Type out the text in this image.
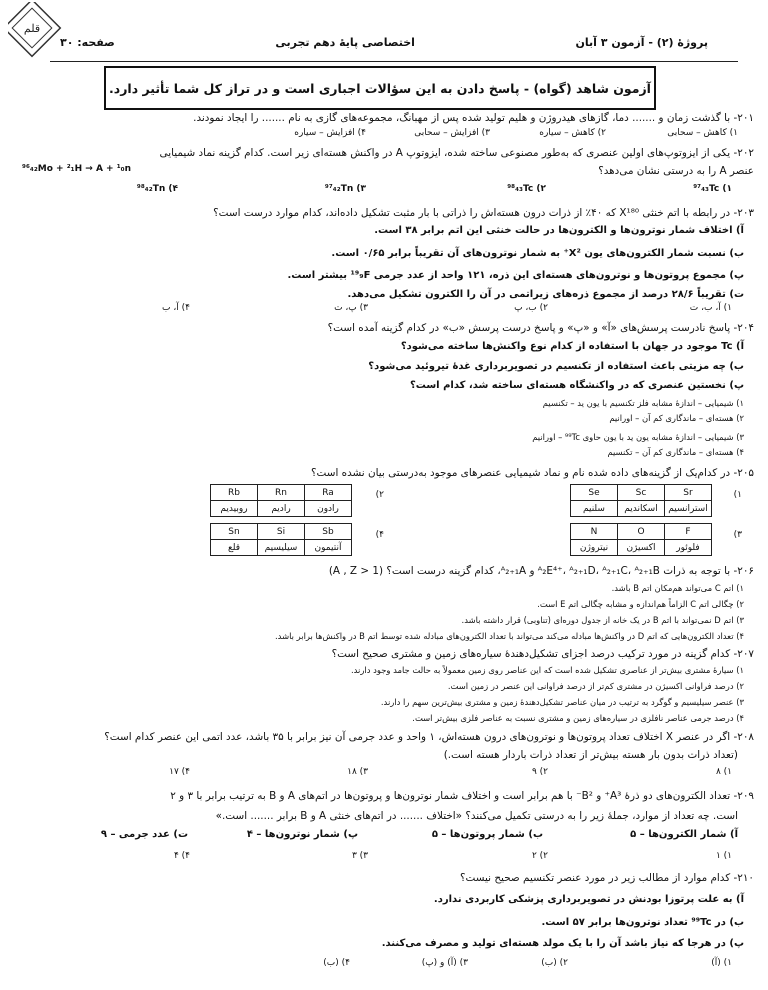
قلم
پروژهٔ (۲) - آزمون ۳ آبان
اختصاصی پایهٔ دهم تجربی
صفحه: ۳۰
آزمون شاهد (گواه) - پاسخ دادن به این سؤالات اجباری است و در تراز کل شما تأثیر دارد.
۲۰۱- با گذشت زمان و ....... دما، گازهای هیدروژن و هلیم تولید شده پس از مهبانگ، مجموعه‌های گازی به نام ....... را ایجاد نمودند.
۱) کاهش – سحابی
۲) کاهش – سیاره
۳) افزایش – سحابی
۴) افزایش – سیاره
۲۰۲- یکی از ایزوتوپ‌های اولین عنصری که به‌طور مصنوعی ساخته شده، ایزوتوپ A در واکنش هسته‌ای زیر است. کدام گزینه نماد شیمیایی
عنصر A را به درستی نشان می‌دهد؟
⁹⁶₄₂Mo + ²₁H → A + ¹₀n
۱) ⁹⁷₄₃Tc
۲) ⁹⁸₄₃Tc
۳) ⁹⁷₄₂Tn
۴) ⁹⁸₄₂Tn
۲۰۳- در رابطه با اتم خنثی X¹⁸⁰ که ۴۰٪ از ذرات درون هسته‌اش را ذراتی با بار مثبت تشکیل داده‌اند، کدام موارد درست است؟
آ) اختلاف شمار نوترون‌ها و الکترون‌ها در حالت خنثی این اتم برابر ۳۸ است.
ب) نسبت شمار الکترون‌های یون X²⁺ به شمار نوترون‌های آن تقریباً برابر ۰/۶۵ است.
پ) مجموع پروتون‌ها و نوترون‌های هسته‌ای این ذره، ۱۲۱ واحد از عدد جرمی ¹⁹₉F بیشتر است.
ت) تقریباً ۲۸/۶ درصد از مجموع ذره‌های زیراتمی در آن را الکترون تشکیل می‌دهد.
۱) آ، ب، ت
۲) ب، پ
۳) پ، ت
۴) آ، ب
۲۰۴- پاسخ نادرست پرسش‌های «آ» و «پ» و پاسخ درست پرسش «ب» در کدام گزینه آمده است؟
آ) Tc موجود در جهان با استفاده از کدام نوع واکنش‌ها ساخته می‌شود؟
ب) چه مزیتی باعث استفاده از تکنسیم در تصویربرداری غدهٔ تیروئید می‌شود؟
پ) نخستین عنصری که در واکنشگاه هسته‌ای ساخته شد، کدام است؟
۱) شیمیایی – اندازهٔ مشابه فلز تکنسیم با یون ید – تکنسیم
۲) هسته‌ای – ماندگاری کم آن – اورانیم
۳) شیمیایی – اندازهٔ مشابه یون ید با یون حاوی ⁹⁹Tc – اورانیم
۴) هسته‌ای – ماندگاری کم آن – تکنسیم
۲۰۵- در کدام‌یک از گزینه‌های داده شده نام و نماد شیمیایی عنصرهای موجود به‌درستی بیان نشده است؟
۱)
Sr	Sc	Se
استرانسیم	اسکاندیم	سلنیم
۲)
Ra	Rn	Rb
رادون	رادیم	روبیدیم
۳)
F	O	N
فلوئور	اکسیژن	نیتروژن
۴)
Sb	Si	Sn
آنتیمون	سیلیسیم	قلع
۲۰۶- با توجه به ذرات ᴬ₂E⁴⁺، ᴬ₂₊₁D، ᴬ₂₊₁C، ᴬ₂₊₁B و ᴬ₂₊₁A، کدام گزینه درست است؟ (A , Z > 1)
۱) اتم C می‌تواند هم‌مکان اتم B باشد.
۲) چگالی اتم C الزاماً هم‌اندازه و مشابه چگالی اتم E است.
۳) اتم D نمی‌تواند با اتم B در یک خانه از جدول دوره‌ای (تناوبی) قرار داشته باشد.
۴) تعداد الکترون‌هایی که اتم D در واکنش‌ها مبادله می‌کند می‌تواند با تعداد الکترون‌های مبادله شده توسط اتم B در واکنش‌ها برابر باشد.
۲۰۷- کدام گزینه در مورد ترکیب درصد اجزای تشکیل‌دهندهٔ سیاره‌های زمین و مشتری صحیح است؟
۱) سیارهٔ مشتری بیش‌تر از عناصری تشکیل شده است که این عناصر روی زمین معمولاً به حالت جامد وجود دارند.
۲) درصد فراوانی اکسیژن در مشتری کم‌تر از درصد فراوانی این عنصر در زمین است.
۳) عنصر سیلیسیم و گوگرد به ترتیب در میان عناصر تشکیل‌دهندهٔ زمین و مشتری بیش‌ترین سهم را دارند.
۴) درصد جرمی عناصر نافلزی در سیاره‌های زمین و مشتری نسبت به عناصر فلزی بیش‌تر است.
۲۰۸- اگر در عنصر X اختلاف تعداد پروتون‌ها و نوترون‌های درون هسته‌اش، ۱ واحد و عدد جرمی آن نیز برابر با ۳۵ باشد، عدد اتمی این عنصر کدام است؟
(تعداد ذرات بدون بار هسته بیش‌تر از تعداد ذرات باردار هسته است.)
۱) ۸
۲) ۹
۳) ۱۸
۴) ۱۷
۲۰۹- تعداد الکترون‌های دو ذرهٔ A³⁺ و B²⁻ با هم برابر است و اختلاف شمار نوترون‌ها و پروتون‌ها در اتم‌های A و B به ترتیب برابر با ۳ و ۲
است. چه تعداد از موارد، جملهٔ زیر را به درستی تکمیل می‌کنند؟ «اختلاف ....... در اتم‌های خنثی A و B برابر ....... است.»
آ) شمار الکترون‌ها – ۵
ب) شمار پروتون‌ها – ۵
پ) شمار نوترون‌ها – ۴
ت) عدد جرمی – ۹
۱) ۱
۲) ۲
۳) ۳
۴) ۴
۲۱۰- کدام موارد از مطالب زیر در مورد عنصر تکنسیم صحیح نیست؟
آ) به علت پرتوزا بودنش در تصویربرداری پزشکی کاربردی ندارد.
ب) در ⁹⁹Tc تعداد نوترون‌ها برابر ۵۷ است.
پ) در هرجا که نیاز باشد آن را با یک مولد هسته‌ای تولید و مصرف می‌کنند.
۱) (آ)
۲) (ب)
۳) (آ) و (پ)
۴) (ب)
